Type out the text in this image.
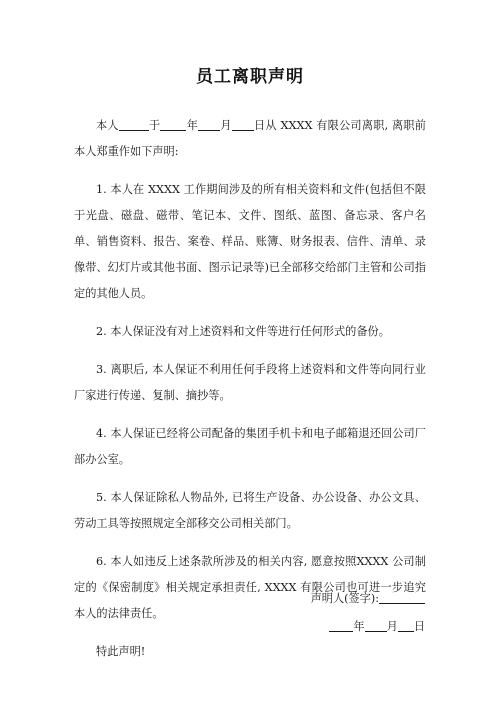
员工离职声明

本人	于 年 月 日从 XXXX 有限公司离职, 离职前本人郑重作如下声明:

1. 本人在 XXXX 工作期间涉及的所有相关资料和文件(包括但不限于光盘、磁盘、磁带、笔记本、文件、图纸、蓝图、备忘录、客户名单、销售资料、报告、案卷、样品、账簿、财务报表、信件、清单、录像带、幻灯片或其他书面、图示记录等)已全部移交给部门主管和公司指定的其他人员。

2. 本人保证没有对上述资料和文件等进行任何形式的备份。

3. 离职后, 本人保证不利用任何手段将上述资料和文件等向同行业厂家进行传递、复制、摘抄等。

4. 本人保证已经将公司配备的集团手机卡和电子邮箱退还回公司厂部办公室。

5. 本人保证除私人物品外, 已将生产设备、办公设备、办公文具、劳动工具等按照规定全部移交公司相关部门。

6. 本人如违反上述条款所涉及的相关内容, 愿意按照XXXX 公司制定的《保密制度》相关规定承担责任, XXXX 有限公司也可进一步追究本人的法律责任。

特此声明!

声明人(签字):
年 月 日
